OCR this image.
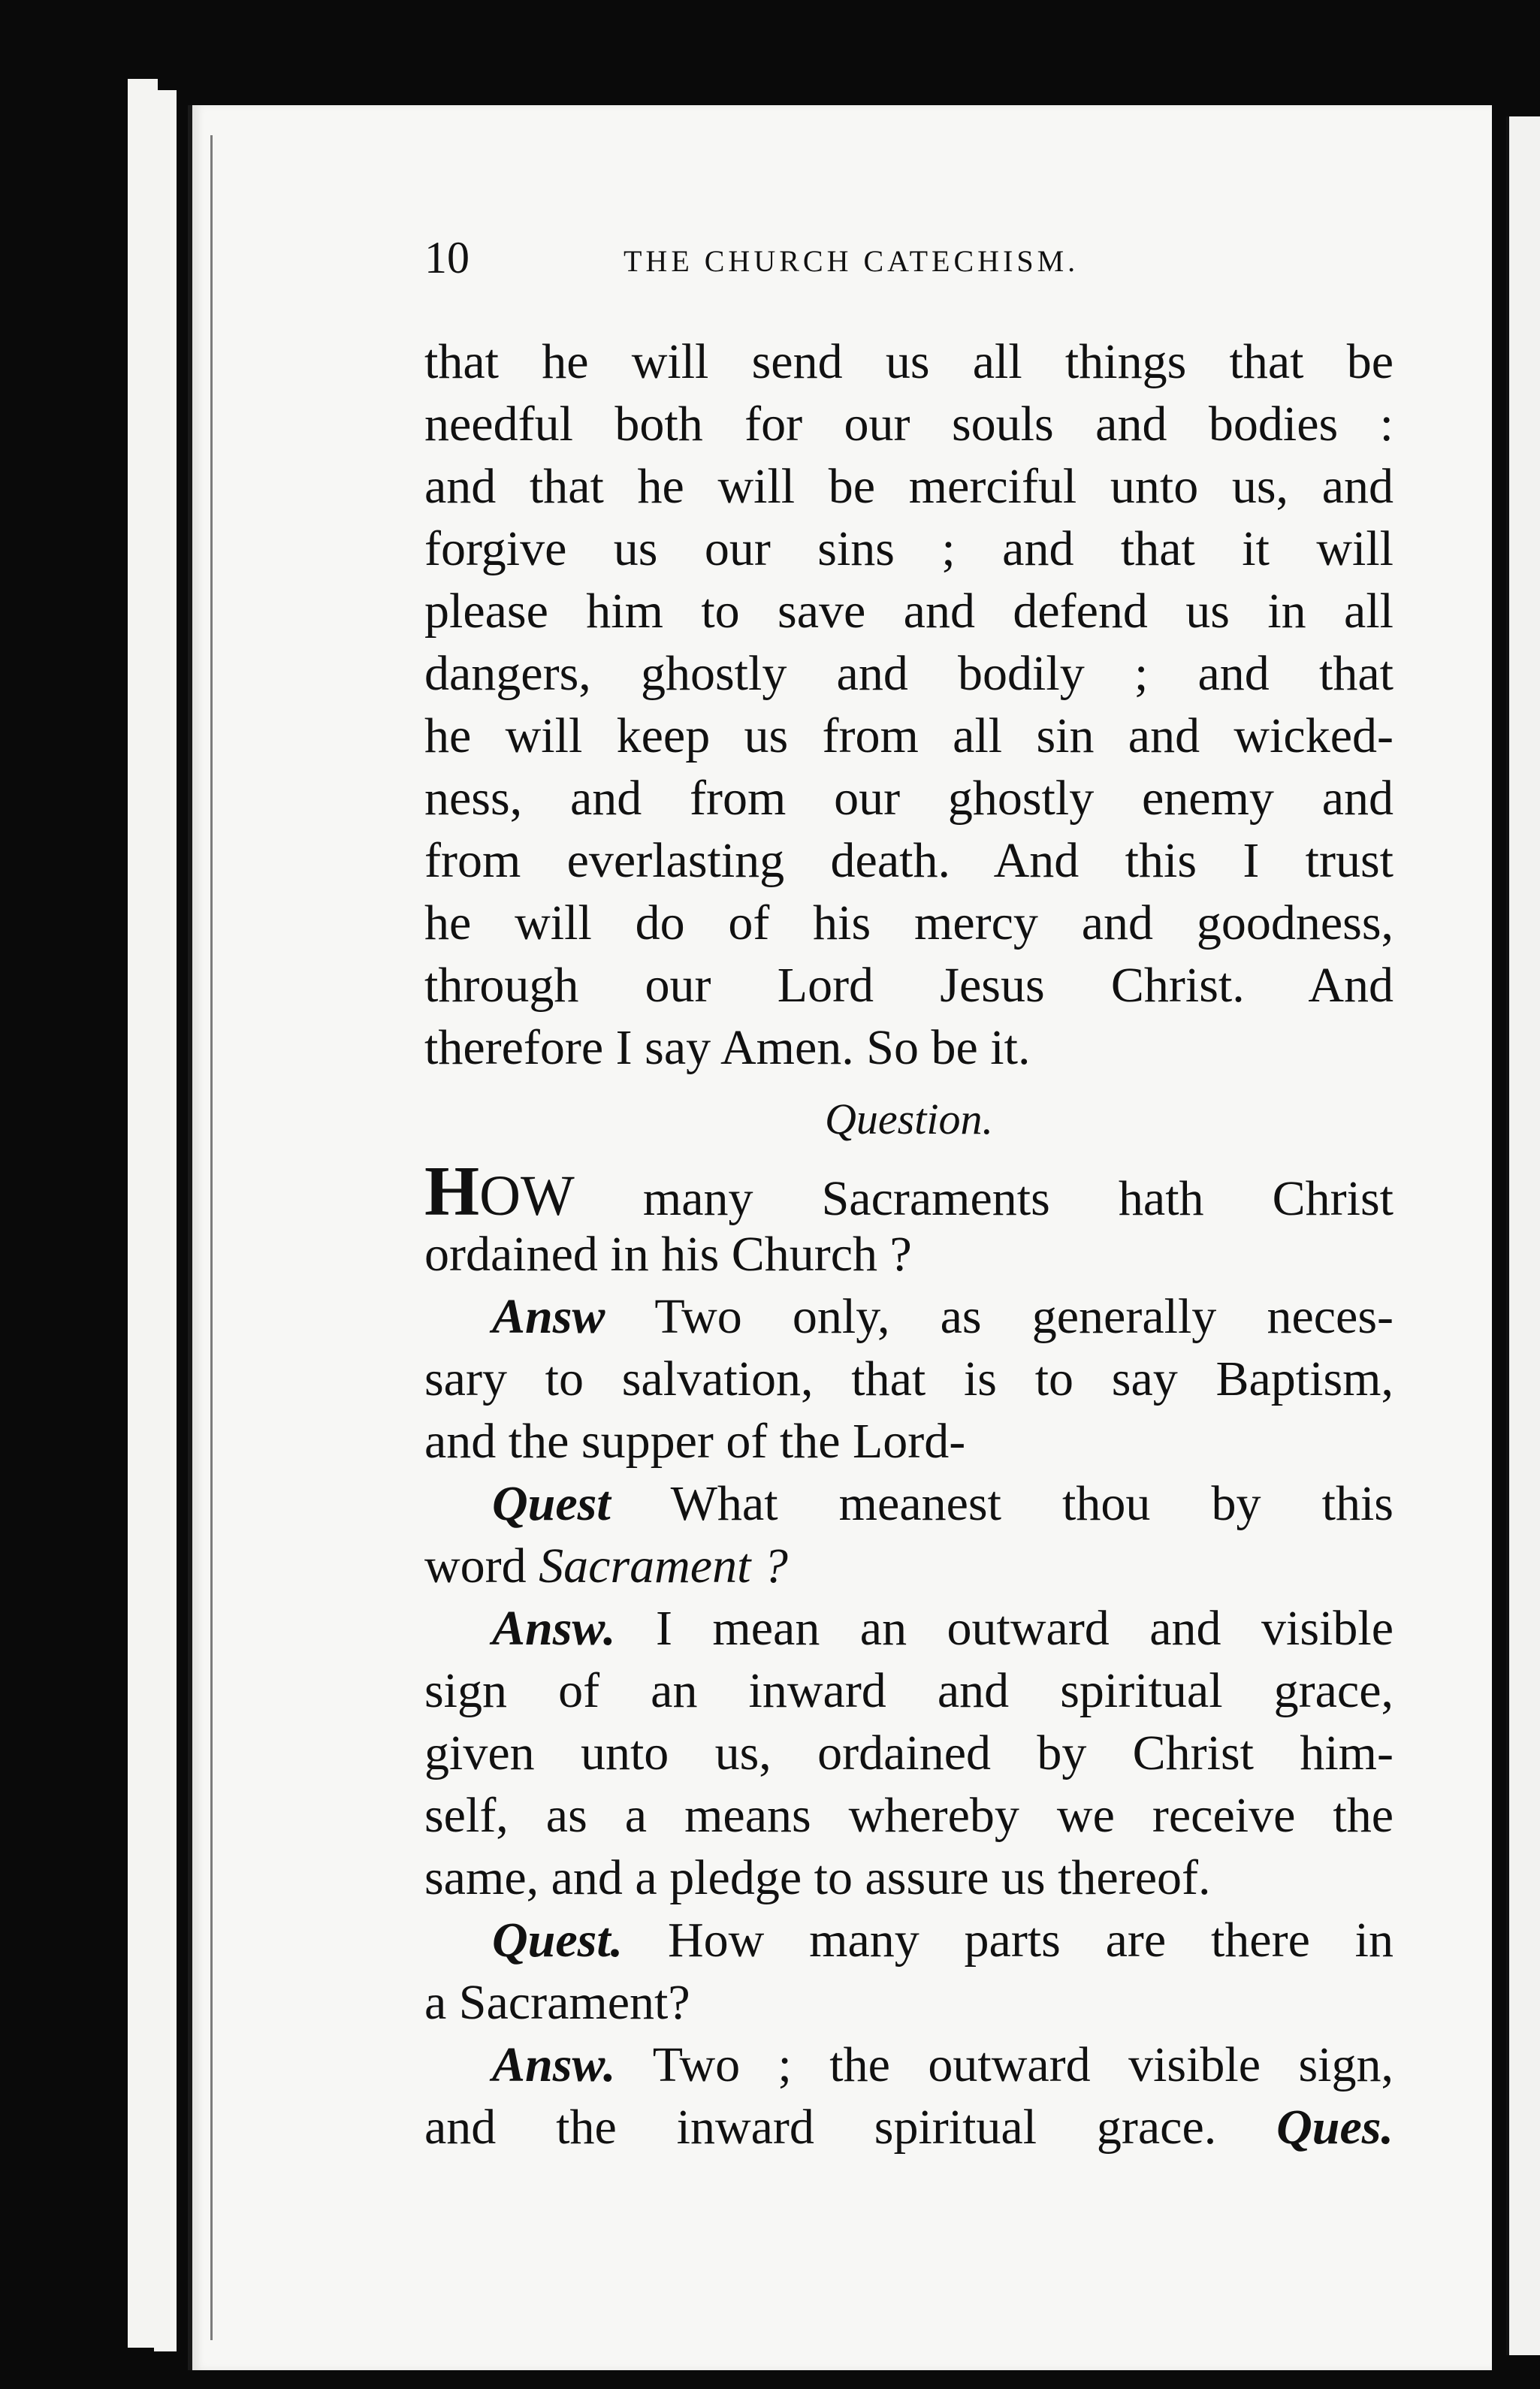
10	THE CHURCH CATECHISM.
that he will send us all things that be
needful both for our souls and bodies :
and that he will be merciful unto us, and
forgive us our sins ; and that it will
please him to save and defend us in all
dangers, ghostly and bodily ; and that
he will keep us from all sin and wicked-
ness, and from our ghostly enemy and
from everlasting death. And this I trust
he will do of his mercy and goodness,
through our Lord Jesus Christ. And
therefore I say Amen. So be it.
Question.
HOW many Sacraments hath Christ
ordained in his Church ?
Answ Two only, as generally neces-
sary to salvation, that is to say Baptism,
and the supper of the Lord-
Quest What meanest thou by this
word Sacrament ?
Answ. I mean an outward and visible
sign of an inward and spiritual grace,
given unto us, ordained by Christ him-
self, as a means whereby we receive the
same, and a pledge to assure us thereof.
Quest. How many parts are there in
a Sacrament?
Answ. Two ; the outward visible sign,
and the inward spiritual grace. Ques.
